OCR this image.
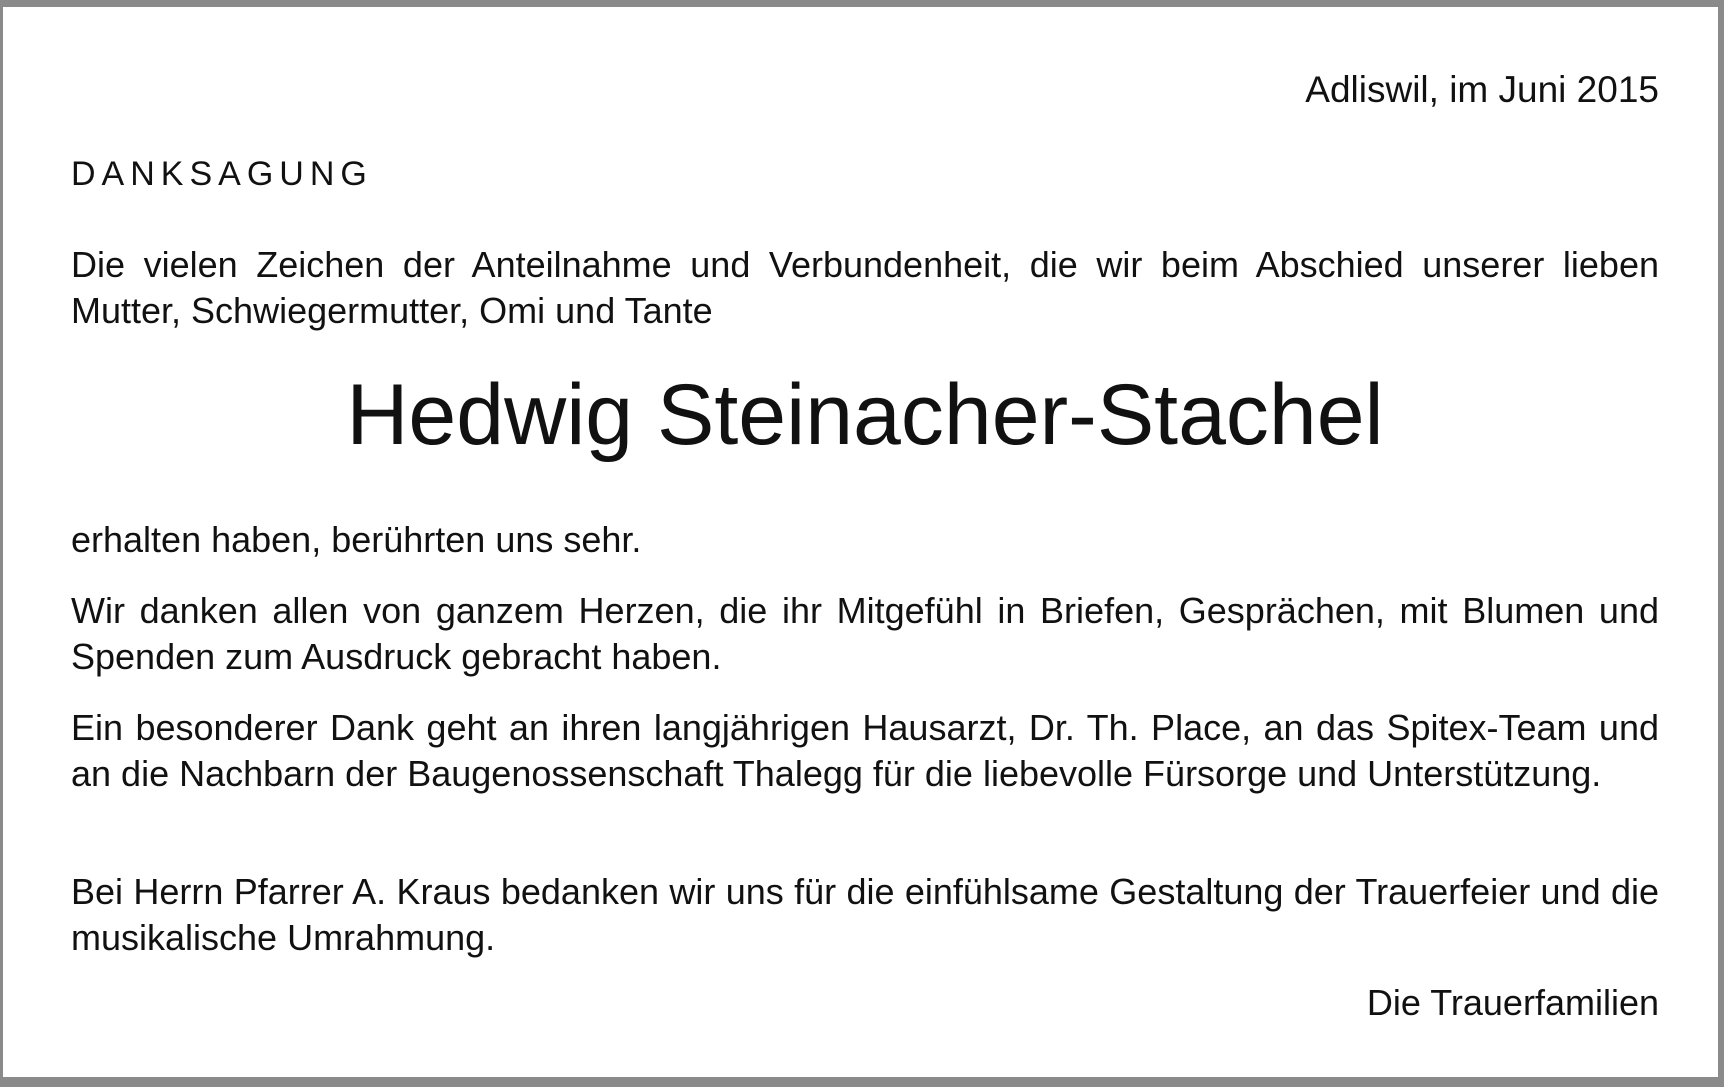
Adliswil, im Juni 2015
DANKSAGUNG
Die vielen Zeichen der Anteilnahme und Verbundenheit, die wir beim Abschied unserer lieben Mutter, Schwiegermutter, Omi und Tante
Hedwig Steinacher-Stachel
erhalten haben, berührten uns sehr.
Wir danken allen von ganzem Herzen, die ihr Mitgefühl in Briefen, Gesprächen, mit Blumen und Spenden zum Ausdruck gebracht haben.
Ein besonderer Dank geht an ihren langjährigen Hausarzt, Dr. Th. Place, an das Spitex-Team und an die Nachbarn der Baugenossenschaft Thalegg für die liebevolle Fürsorge und Unterstützung.
Bei Herrn Pfarrer A. Kraus bedanken wir uns für die einfühlsame Gestaltung der Trauerfeier und die musikalische Umrahmung.
Die Trauerfamilien
